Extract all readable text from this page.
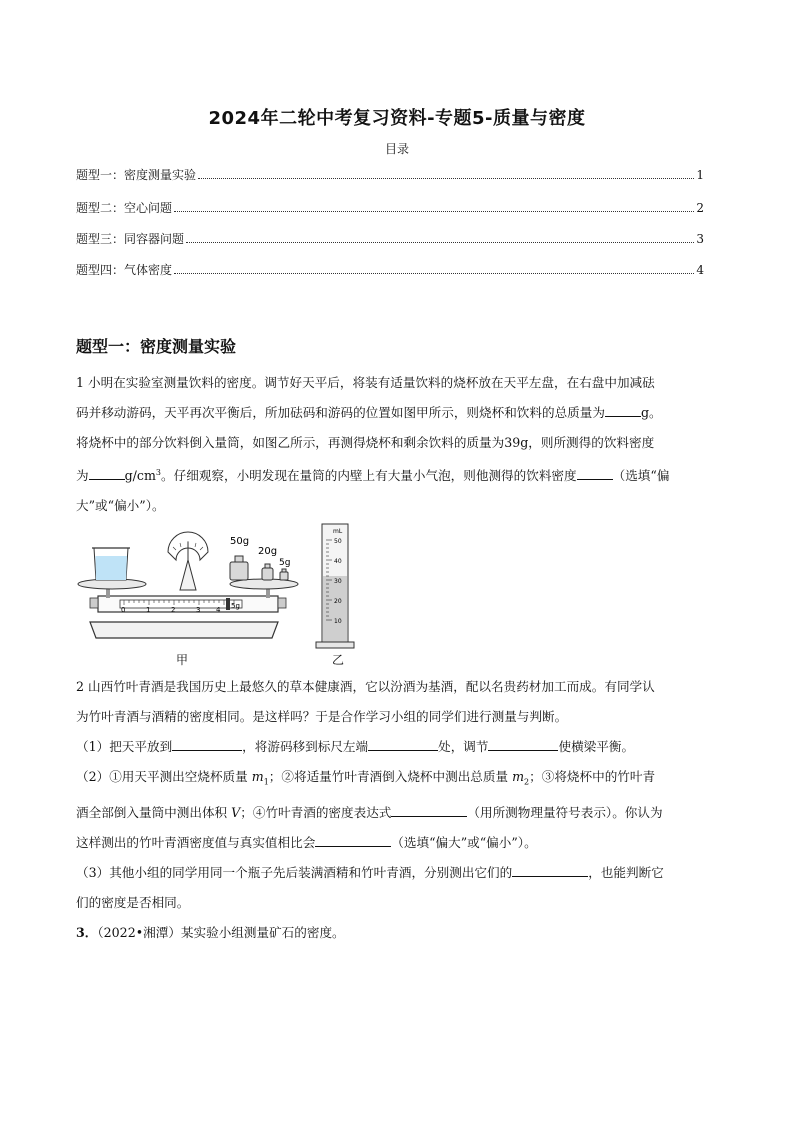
2024年二轮中考复习资料-专题5-质量与密度
目录
题型一：密度测量实验	1
题型二：空心问题	2
题型三：同容器问题	3
题型四：气体密度	4
题型一：密度测量实验

1 小明在实验室测量饮料的密度。调节好天平后，将装有适量饮料的烧杯放在天平左盘，在右盘中加减砝

码并移动游码，天平再次平衡后，所加砝码和游码的位置如图甲所示，则烧杯和饮料的总质量为	g。

将烧杯中的部分饮料倒入量筒，如图乙所示，再测得烧杯和剩余饮料的质量为39g，则所测得的饮料密度

为	$g/cm^3$。仔细观察，小明发现在量筒的内壁上有大量小气泡，则他测得的饮料密度	（选填“偏

大”或“偏小”）。

0	1	2	3 4 5g
50g
20g
5g
mL
50
40
30
20
10
甲	乙

2 山西竹叶青酒是我国历史上最悠久的草本健康酒，它以汾酒为基酒，配以名贵药材加工而成。有同学认

为竹叶青酒与酒精的密度相同。是这样吗？于是合作学习小组的同学们进行测量与判断。

（1）把天平放到	，将游码移到标尺左端	处，调节	使横梁平衡。

（2）①用天平测出空烧杯质量 $m_1$；②将适量竹叶青酒倒入烧杯中测出总质量 $m_2$；③将烧杯中的竹叶青

酒全部倒入量筒中测出体积 V；④竹叶青酒的密度表达式	（用所测物理量符号表示）。你认为

这样测出的竹叶青酒密度值与真实值相比会	（选填“偏大”或“偏小”）。

（3）其他小组的同学用同一个瓶子先后装满酒精和竹叶青酒，分别测出它们的	，也能判断它

们的密度是否相同。

3．（2022•湘潭）某实验小组测量矿石的密度。
